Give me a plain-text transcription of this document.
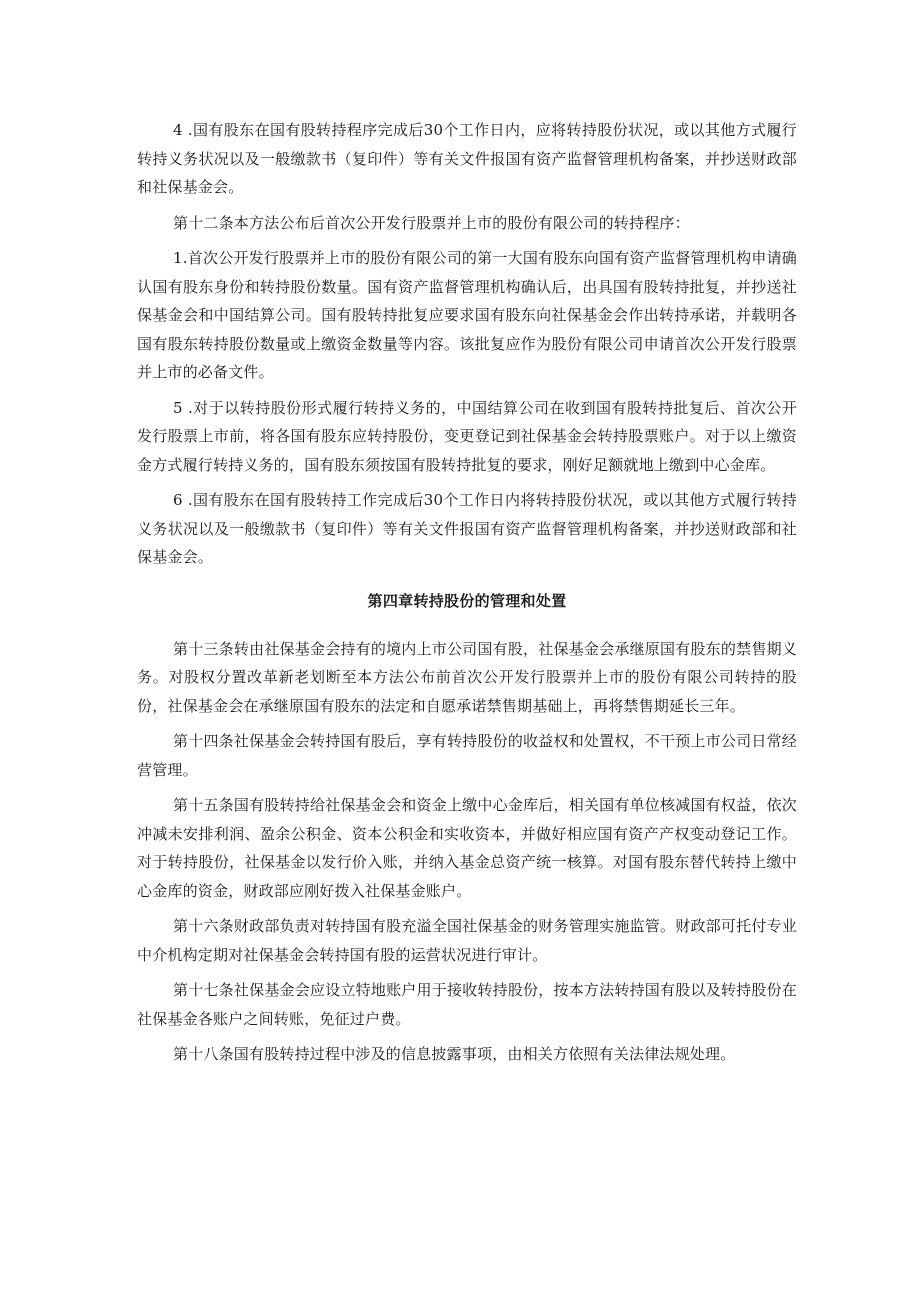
4 .国有股东在国有股转持程序完成后30个工作日内，应将转持股份状况，或以其他方式履行转持义务状况以及一般缴款书（复印件）等有关文件报国有资产监督管理机构备案，并抄送财政部和社保基金会。

第十二条本方法公布后首次公开发行股票并上市的股份有限公司的转持程序：

1.首次公开发行股票并上市的股份有限公司的第一大国有股东向国有资产监督管理机构申请确认国有股东身份和转持股份数量。国有资产监督管理机构确认后，出具国有股转持批复，并抄送社保基金会和中国结算公司。国有股转持批复应要求国有股东向社保基金会作出转持承诺，并载明各国有股东转持股份数量或上缴资金数量等内容。该批复应作为股份有限公司申请首次公开发行股票并上市的必备文件。

5 .对于以转持股份形式履行转持义务的，中国结算公司在收到国有股转持批复后、首次公开发行股票上市前，将各国有股东应转持股份，变更登记到社保基金会转持股票账户。对于以上缴资金方式履行转持义务的，国有股东须按国有股转持批复的要求，刚好足额就地上缴到中心金库。

6 .国有股东在国有股转持工作完成后30个工作日内将转持股份状况，或以其他方式履行转持义务状况以及一般缴款书（复印件）等有关文件报国有资产监督管理机构备案，并抄送财政部和社保基金会。

第四章转持股份的管理和处置

第十三条转由社保基金会持有的境内上市公司国有股，社保基金会承继原国有股东的禁售期义务。对股权分置改革新老划断至本方法公布前首次公开发行股票并上市的股份有限公司转持的股份，社保基金会在承继原国有股东的法定和自愿承诺禁售期基础上，再将禁售期延长三年。

第十四条社保基金会转持国有股后，享有转持股份的收益权和处置权，不干预上市公司日常经营管理。

第十五条国有股转持给社保基金会和资金上缴中心金库后，相关国有单位核减国有权益，依次冲减未安排利润、盈余公积金、资本公积金和实收资本，并做好相应国有资产产权变动登记工作。对于转持股份，社保基金以发行价入账，并纳入基金总资产统一核算。对国有股东替代转持上缴中心金库的资金，财政部应刚好拨入社保基金账户。

第十六条财政部负责对转持国有股充溢全国社保基金的财务管理实施监管。财政部可托付专业中介机构定期对社保基金会转持国有股的运营状况进行审计。

第十七条社保基金会应设立特地账户用于接收转持股份，按本方法转持国有股以及转持股份在社保基金各账户之间转账，免征过户费。

第十八条国有股转持过程中涉及的信息披露事项，由相关方依照有关法律法规处理。
